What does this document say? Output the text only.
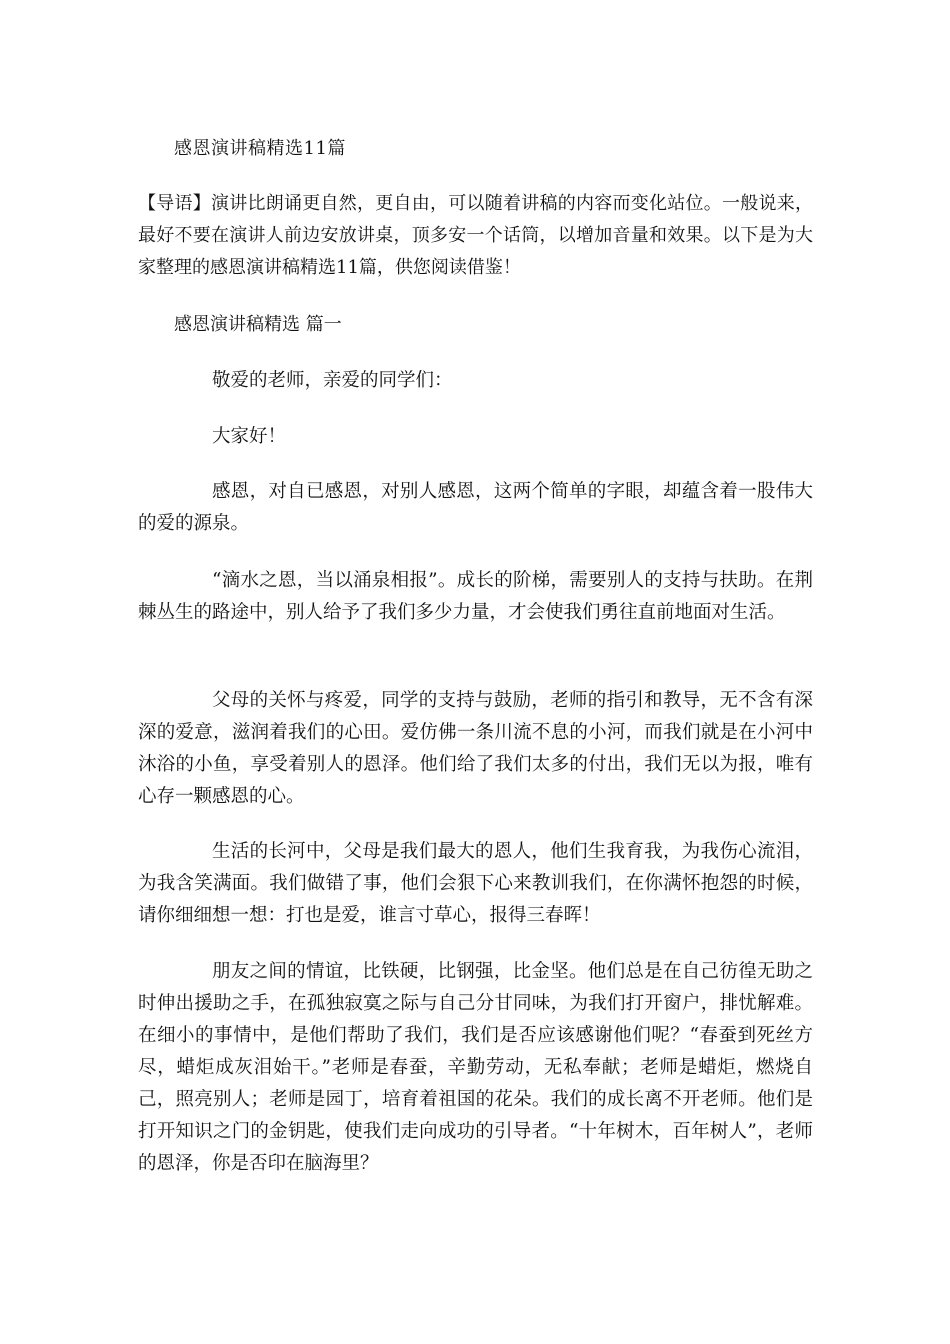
感恩演讲稿精选11篇
【导语】演讲比朗诵更自然，更自由，可以随着讲稿的内容而变化站位。一般说来，最好不要在演讲人前边安放讲桌，顶多安一个话筒，以增加音量和效果。以下是为大家整理的感恩演讲稿精选11篇，供您阅读借鉴！
感恩演讲稿精选 篇一
敬爱的老师，亲爱的同学们：
大家好！
感恩，对自已感恩，对别人感恩，这两个简单的字眼，却蕴含着一股伟大的爱的源泉。
“滴水之恩，当以涌泉相报”。成长的阶梯，需要别人的支持与扶助。在荆棘丛生的路途中，别人给予了我们多少力量，才会使我们勇往直前地面对生活。
父母的关怀与疼爱，同学的支持与鼓励，老师的指引和教导，无不含有深深的爱意，滋润着我们的心田。爱仿佛一条川流不息的小河，而我们就是在小河中沐浴的小鱼，享受着别人的恩泽。他们给了我们太多的付出，我们无以为报，唯有心存一颗感恩的心。
生活的长河中，父母是我们最大的恩人，他们生我育我，为我伤心流泪，为我含笑满面。我们做错了事，他们会狠下心来教训我们，在你满怀抱怨的时候，请你细细想一想：打也是爱，谁言寸草心，报得三春晖！
朋友之间的情谊，比铁硬，比钢强，比金坚。他们总是在自己彷徨无助之时伸出援助之手，在孤独寂寞之际与自己分甘同味，为我们打开窗户，排忧解难。在细小的事情中，是他们帮助了我们，我们是否应该感谢他们呢？“春蚕到死丝方尽，蜡炬成灰泪始干。”老师是春蚕，辛勤劳动，无私奉献；老师是蜡炬，燃烧自己，照亮别人；老师是园丁，培育着祖国的花朵。我们的成长离不开老师。他们是打开知识之门的金钥匙，使我们走向成功的引导者。“十年树木，百年树人”，老师的恩泽，你是否印在脑海里？
